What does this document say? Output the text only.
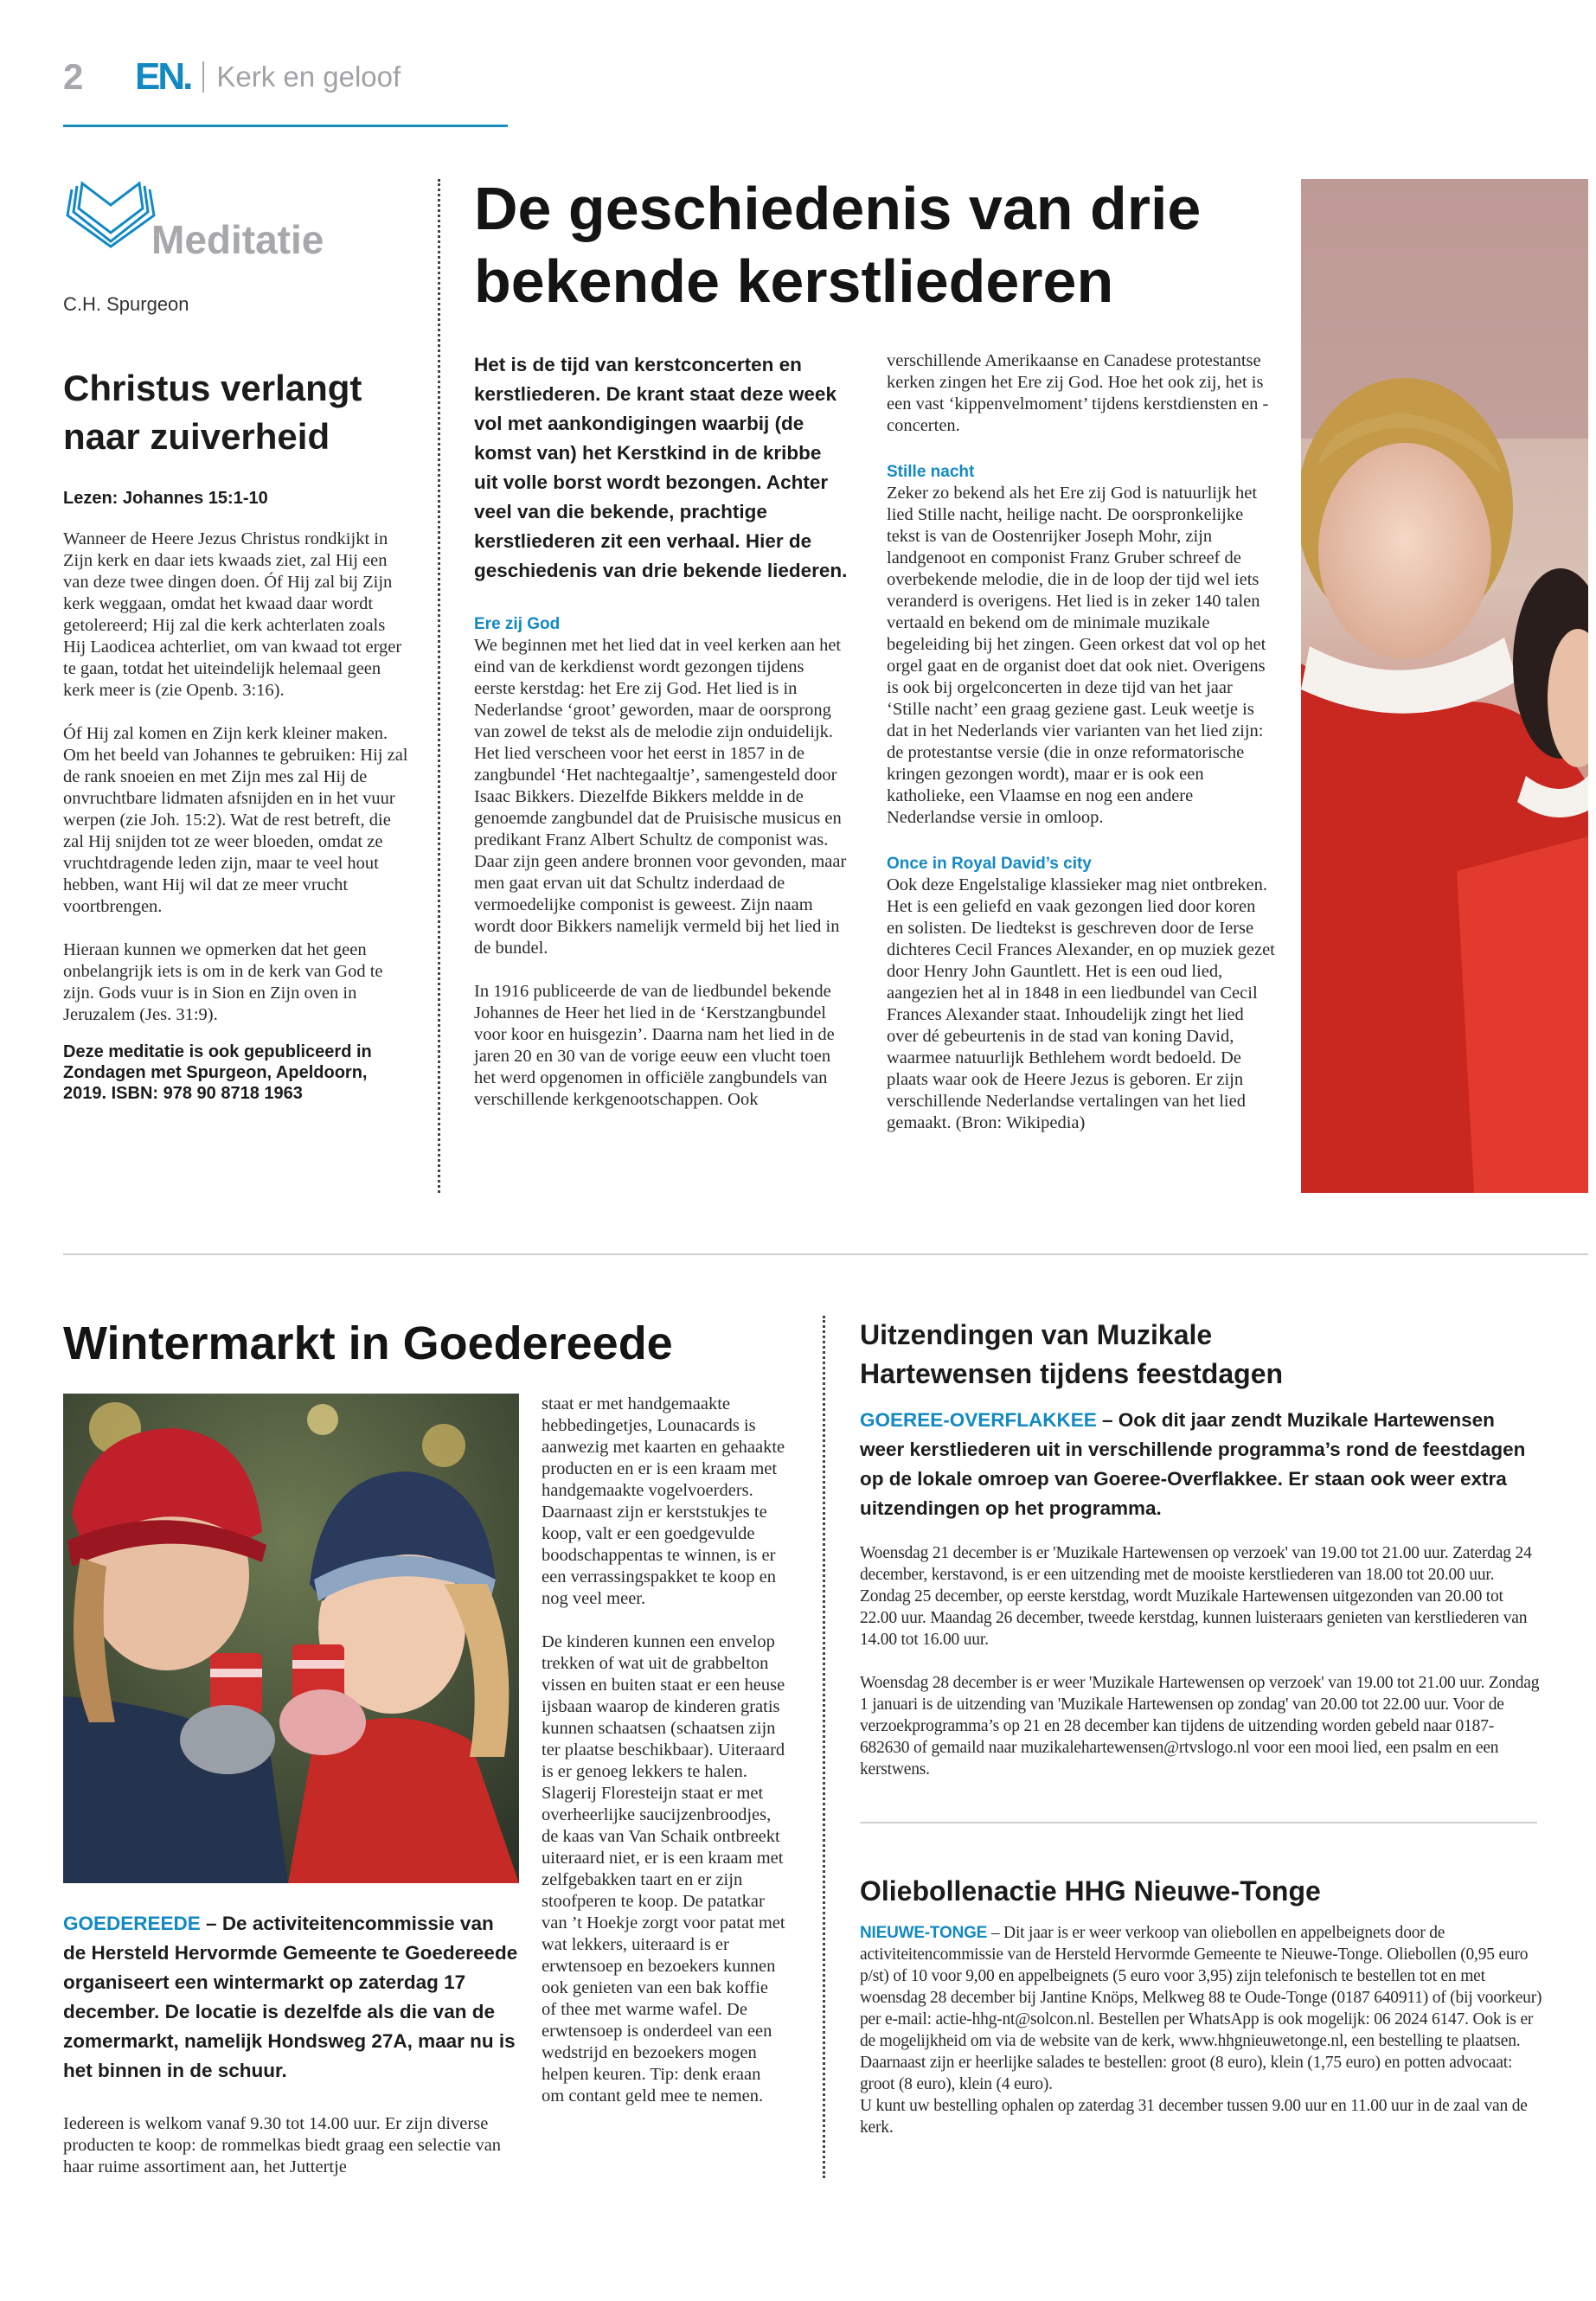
2	EN. Kerk en geloof
Meditatie
C.H. Spurgeon
Christus verlangt naar zuiverheid
Lezen: Johannes 15:1-10

Wanneer de Heere Jezus Christus rondkijkt in Zijn kerk en daar iets kwaads ziet, zal Hij een van deze twee dingen doen. Óf Hij zal bij Zijn kerk weggaan, omdat het kwaad daar wordt getolereerd; Hij zal die kerk achterlaten zoals Hij Laodicea achterliet, om van kwaad tot erger te gaan, totdat het uiteindelijk helemaal geen kerk meer is (zie Openb. 3:16).

Óf Hij zal komen en Zijn kerk kleiner maken. Om het beeld van Johannes te gebruiken: Hij zal de rank snoeien en met Zijn mes zal Hij de onvruchtbare lidmaten afsnijden en in het vuur werpen (zie Joh. 15:2). Wat de rest betreft, die zal Hij snijden tot ze weer bloeden, omdat ze vruchtdragende leden zijn, maar te veel hout hebben, want Hij wil dat ze meer vrucht voortbrengen.

Hieraan kunnen we opmerken dat het geen onbelangrijk iets is om in de kerk van God te zijn. Gods vuur is in Sion en Zijn oven in Jeruzalem (Jes. 31:9).

Deze meditatie is ook gepubliceerd in Zondagen met Spurgeon, Apeldoorn, 2019. ISBN: 978 90 8718 1963
De geschiedenis van drie bekende kerstliederen
Het is de tijd van kerstconcerten en kerstliederen. De krant staat deze week vol met aankondigingen waarbij (de komst van) het Kerstkind in de kribbe uit volle borst wordt bezongen. Achter veel van die bekende, prachtige kerstliederen zit een verhaal. Hier de geschiedenis van drie bekende liederen.
Ere zij God

We beginnen met het lied dat in veel kerken aan het eind van de kerkdienst wordt gezongen tijdens eerste kerstdag: het Ere zij God. Het lied is in Nederlandse ‘groot’ geworden, maar de oorsprong van zowel de tekst als de melodie zijn onduidelijk. Het lied verscheen voor het eerst in 1857 in de zangbundel ‘Het nachtegaaltje’, samengesteld door Isaac Bikkers. Diezelfde Bikkers meldde in de genoemde zangbundel dat de Pruisische musicus en predikant Franz Albert Schultz de componist was. Daar zijn geen andere bronnen voor gevonden, maar men gaat ervan uit dat Schultz inderdaad de vermoedelijke componist is geweest. Zijn naam wordt door Bikkers namelijk vermeld bij het lied in de bundel.

In 1916 publiceerde de van de liedbundel bekende Johannes de Heer het lied in de ‘Kerstzangbundel voor koor en huisgezin’. Daarna nam het lied in de jaren 20 en 30 van de vorige eeuw een vlucht toen het werd opgenomen in officiële zangbundels van verschillende kerkgenootschappen. Ook

verschillende Amerikaanse en Canadese protestantse kerken zingen het Ere zij God. Hoe het ook zij, het is een vast ‘kippenvelmoment’ tijdens kerstdiensten en -concerten.

Stille nacht

Zeker zo bekend als het Ere zij God is natuurlijk het lied Stille nacht, heilige nacht. De oorspronkelijke tekst is van de Oostenrijker Joseph Mohr, zijn landgenoot en componist Franz Gruber schreef de overbekende melodie, die in de loop der tijd wel iets veranderd is overigens. Het lied is in zeker 140 talen vertaald en bekend om de minimale muzikale begeleiding bij het zingen. Geen orkest dat vol op het orgel gaat en de organist doet dat ook niet. Overigens is ook bij orgelconcerten in deze tijd van het jaar ‘Stille nacht’ een graag geziene gast. Leuk weetje is dat in het Nederlands vier varianten van het lied zijn: de protestantse versie (die in onze reformatorische kringen gezongen wordt), maar er is ook een katholieke, een Vlaamse en nog een andere Nederlandse versie in omloop.

Once in Royal David’s city

Ook deze Engelstalige klassieker mag niet ontbreken. Het is een geliefd en vaak gezongen lied door koren en solisten. De liedtekst is geschreven door de Ierse dichteres Cecil Frances Alexander, en op muziek gezet door Henry John Gauntlett. Het is een oud lied, aangezien het al in 1848 in een liedbundel van Cecil Frances Alexander staat. Inhoudelijk zingt het lied over dé gebeurtenis in de stad van koning David, waarmee natuurlijk Bethlehem wordt bedoeld. De plaats waar ook de Heere Jezus is geboren. Er zijn verschillende Nederlandse vertalingen van het lied gemaakt. (Bron: Wikipedia)

Wintermarkt in Goedereede
GOEDEREEDE – De activiteitencommissie van de Hersteld Hervormde Gemeente te Goedereede organiseert een wintermarkt op zaterdag 17 december. De locatie is dezelfde als die van de zomermarkt, namelijk Hondsweg 27A, maar nu is het binnen in de schuur.
Iedereen is welkom vanaf 9.30 tot 14.00 uur. Er zijn diverse producten te koop: de rommelkas biedt graag een selectie van haar ruime assortiment aan, het Juttertje

staat er met handgemaakte hebbedingetjes, Lounacards is aanwezig met kaarten en gehaakte producten en er is een kraam met handgemaakte vogelvoerders. Daarnaast zijn er kerststukjes te koop, valt er een goedgevulde boodschappentas te winnen, is er een verrassingspakket te koop en nog veel meer.

De kinderen kunnen een envelop trekken of wat uit de grabbelton vissen en buiten staat er een heuse ijsbaan waarop de kinderen gratis kunnen schaatsen (schaatsen zijn ter plaatse beschikbaar). Uiteraard is er genoeg lekkers te halen. Slagerij Floresteijn staat er met overheerlijke saucijzenbroodjes, de kaas van Van Schaik ontbreekt uiteraard niet, er is een kraam met zelfgebakken taart en er zijn stoofperen te koop. De patatkar van ’t Hoekje zorgt voor patat met wat lekkers, uiteraard is er erwtensoep en bezoekers kunnen ook genieten van een bak koffie of thee met warme wafel. De erwtensoep is onderdeel van een wedstrijd en bezoekers mogen helpen keuren. Tip: denk eraan om contant geld mee te nemen.

Uitzendingen van Muzikale Hartewensen tijdens feestdagen
GOEREE-OVERFLAKKEE – Ook dit jaar zendt Muzikale Hartewensen weer kerstliederen uit in verschillende programma’s rond de feestdagen op de lokale omroep van Goeree-Overflakkee. Er staan ook weer extra uitzendingen op het programma.

Woensdag 21 december is er 'Muzikale Hartewensen op verzoek' van 19.00 tot 21.00 uur. Zaterdag 24 december, kerstavond, is er een uitzending met de mooiste kerstliederen van 18.00 tot 20.00 uur. Zondag 25 december, op eerste kerstdag, wordt Muzikale Hartewensen uitgezonden van 20.00 tot 22.00 uur. Maandag 26 december, tweede kerstdag, kunnen luisteraars genieten van kerstliederen van 14.00 tot 16.00 uur.

Woensdag 28 december is er weer 'Muzikale Hartewensen op verzoek' van 19.00 tot 21.00 uur. Zondag 1 januari is de uitzending van 'Muzikale Hartewensen op zondag' van 20.00 tot 22.00 uur. Voor de verzoekprogramma’s op 21 en 28 december kan tijdens de uitzending worden gebeld naar 0187-682630 of gemaild naar muzikalehartewensen@rtvslogo.nl voor een mooi lied, een psalm en een kerstwens.

Oliebollenactie HHG Nieuwe-Tonge
NIEUWE-TONGE – Dit jaar is er weer verkoop van oliebollen en appelbeignets door de activiteitencommissie van de Hersteld Hervormde Gemeente te Nieuwe-Tonge. Oliebollen (0,95 euro p/st) of 10 voor 9,00 en appelbeignets (5 euro voor 3,95) zijn telefonisch te bestellen tot en met woensdag 28 december bij Jantine Knöps, Melkweg 88 te Oude-Tonge (0187 640911) of (bij voorkeur) per e-mail: actie-hhg-nt@solcon.nl. Bestellen per WhatsApp is ook mogelijk: 06 2024 6147. Ook is er de mogelijkheid om via de website van de kerk, www.hhgnieuwetonge.nl, een bestelling te plaatsen. Daarnaast zijn er heerlijke salades te bestellen: groot (8 euro), klein (1,75 euro) en potten advocaat: groot (8 euro), klein (4 euro).
U kunt uw bestelling ophalen op zaterdag 31 december tussen 9.00 uur en 11.00 uur in de zaal van de kerk.
